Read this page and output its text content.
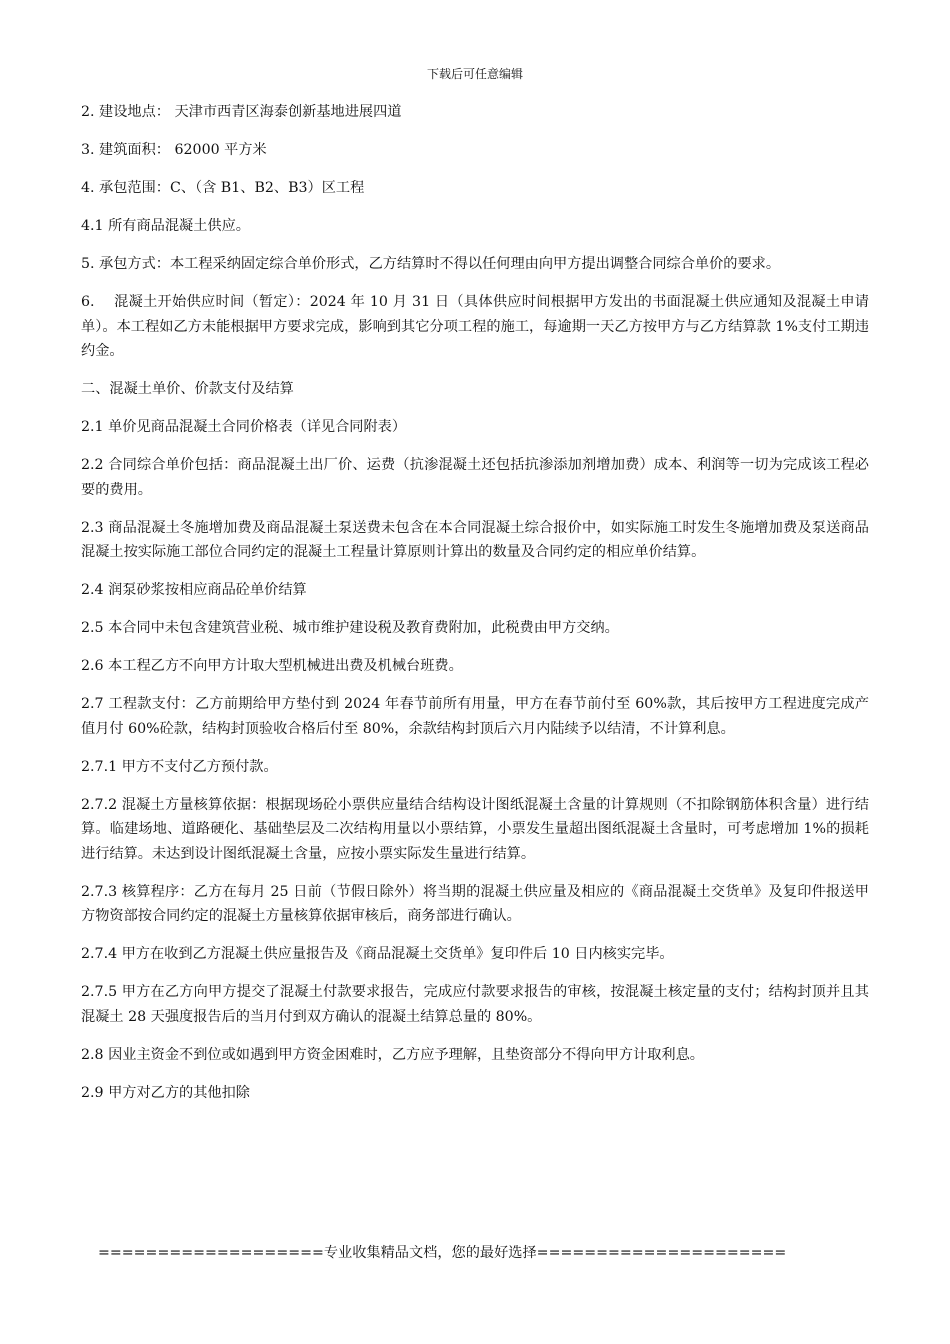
下载后可任意编辑

2. 建设地点： 天津市西青区海泰创新基地进展四道

3. 建筑面积： 62000 平方米

4. 承包范围：C、（含 B1、B2、B3）区工程

4.1 所有商品混凝土供应。

5. 承包方式：本工程采纳固定综合单价形式，乙方结算时不得以任何理由向甲方提出调整合同综合单价的要求。

6.　 混凝土开始供应时间（暂定）：2024 年 10 月 31 日（具体供应时间根据甲方发出的书面混凝土供应通知及混凝土申请单）。本工程如乙方未能根据甲方要求完成，影响到其它分项工程的施工，每逾期一天乙方按甲方与乙方结算款 1%支付工期违约金。

二、混凝土单价、价款支付及结算

2.1 单价见商品混凝土合同价格表（详见合同附表）

2.2 合同综合单价包括：商品混凝土出厂价、运费（抗渗混凝土还包括抗渗添加剂增加费）成本、利润等一切为完成该工程必要的费用。

2.3 商品混凝土冬施增加费及商品混凝土泵送费未包含在本合同混凝土综合报价中，如实际施工时发生冬施增加费及泵送商品混凝土按实际施工部位合同约定的混凝土工程量计算原则计算出的数量及合同约定的相应单价结算。

2.4 润泵砂浆按相应商品砼单价结算

2.5 本合同中未包含建筑营业税、城市维护建设税及教育费附加，此税费由甲方交纳。

2.6 本工程乙方不向甲方计取大型机械进出费及机械台班费。

2.7 工程款支付：乙方前期给甲方垫付到 2024 年春节前所有用量，甲方在春节前付至 60%款，其后按甲方工程进度完成产值月付 60%砼款，结构封顶验收合格后付至 80%，余款结构封顶后六月内陆续予以结清，不计算利息。

2.7.1 甲方不支付乙方预付款。

2.7.2 混凝土方量核算依据：根据现场砼小票供应量结合结构设计图纸混凝土含量的计算规则（不扣除钢筋体积含量）进行结算。临建场地、道路硬化、基础垫层及二次结构用量以小票结算，小票发生量超出图纸混凝土含量时，可考虑增加 1%的损耗进行结算。未达到设计图纸混凝土含量，应按小票实际发生量进行结算。

2.7.3 核算程序：乙方在每月 25 日前（节假日除外）将当期的混凝土供应量及相应的《商品混凝土交货单》及复印件报送甲方物资部按合同约定的混凝土方量核算依据审核后，商务部进行确认。

2.7.4 甲方在收到乙方混凝土供应量报告及《商品混凝土交货单》复印件后 10 日内核实完毕。

2.7.5 甲方在乙方向甲方提交了混凝土付款要求报告，完成应付款要求报告的审核，按混凝土核定量的支付；结构封顶并且其混凝土 28 天强度报告后的当月付到双方确认的混凝土结算总量的 80%。

2.8 因业主资金不到位或如遇到甲方资金困难时，乙方应予理解，且垫资部分不得向甲方计取利息。

2.9 甲方对乙方的其他扣除

===================专业收集精品文档，您的最好选择=====================
